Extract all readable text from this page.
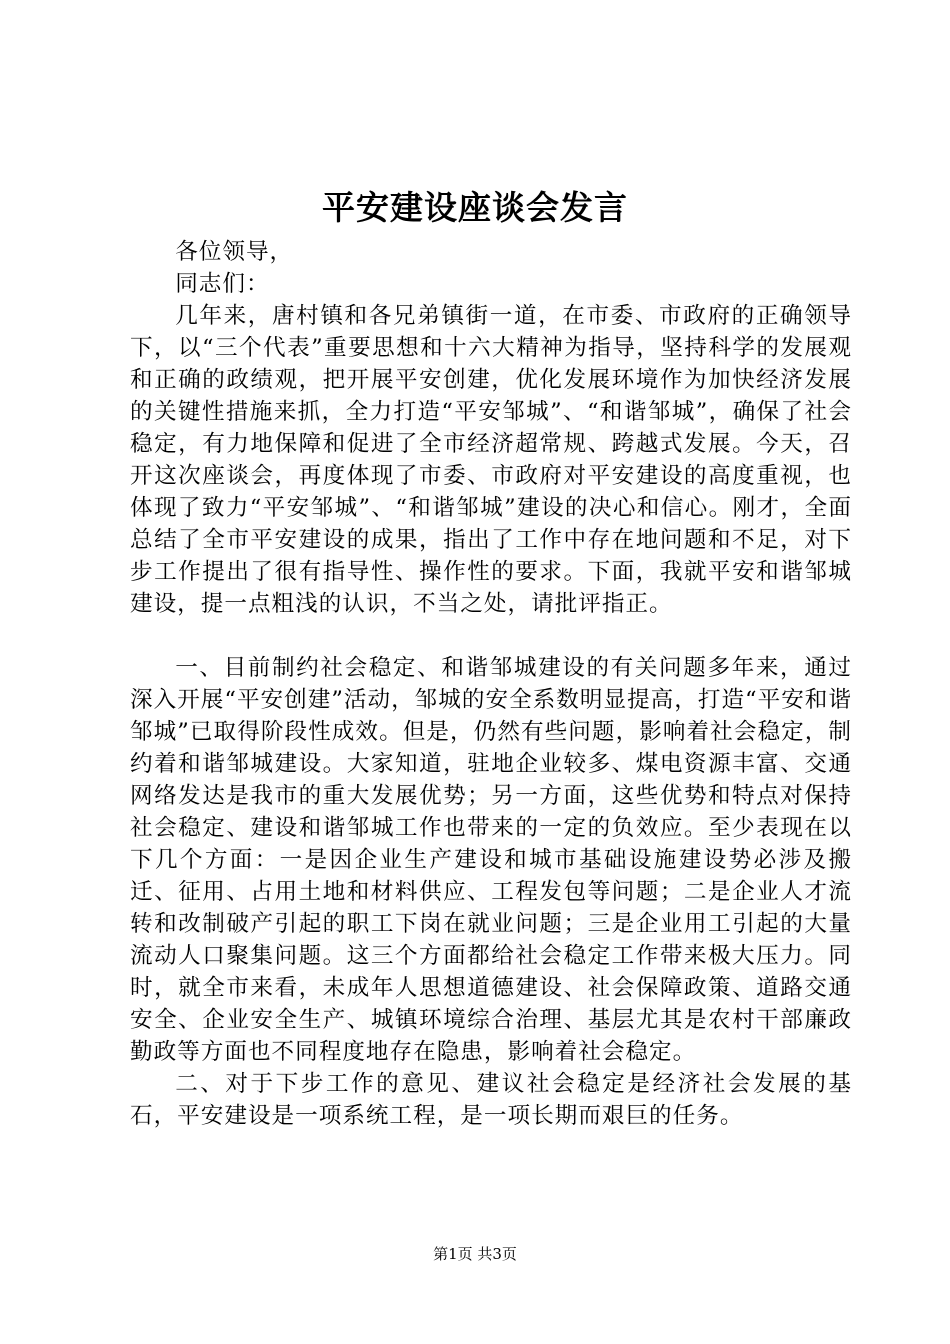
平安建设座谈会发言

各位领导，

同志们：

几年来，唐村镇和各兄弟镇街一道，在市委、市政府的正确领导下，以“三个代表”重要思想和十六大精神为指导，坚持科学的发展观和正确的政绩观，把开展平安创建，优化发展环境作为加快经济发展的关键性措施来抓，全力打造“平安邹城”、“和谐邹城”，确保了社会稳定，有力地保障和促进了全市经济超常规、跨越式发展。今天，召开这次座谈会，再度体现了市委、市政府对平安建设的高度重视，也体现了致力“平安邹城”、“和谐邹城”建设的决心和信心。刚才，全面总结了全市平安建设的成果，指出了工作中存在地问题和不足，对下步工作提出了很有指导性、操作性的要求。下面，我就平安和谐邹城建设，提一点粗浅的认识，不当之处，请批评指正。

一、目前制约社会稳定、和谐邹城建设的有关问题多年来，通过深入开展“平安创建”活动，邹城的安全系数明显提高，打造“平安和谐邹城”已取得阶段性成效。但是，仍然有些问题，影响着社会稳定，制约着和谐邹城建设。大家知道，驻地企业较多、煤电资源丰富、交通网络发达是我市的重大发展优势；另一方面，这些优势和特点对保持社会稳定、建设和谐邹城工作也带来的一定的负效应。至少表现在以下几个方面：一是因企业生产建设和城市基础设施建设势必涉及搬迁、征用、占用土地和材料供应、工程发包等问题；二是企业人才流转和改制破产引起的职工下岗在就业问题；三是企业用工引起的大量流动人口聚集问题。这三个方面都给社会稳定工作带来极大压力。同时，就全市来看，未成年人思想道德建设、社会保障政策、道路交通安全、企业安全生产、城镇环境综合治理、基层尤其是农村干部廉政勤政等方面也不同程度地存在隐患，影响着社会稳定。

二、对于下步工作的意见、建议社会稳定是经济社会发展的基石，平安建设是一项系统工程，是一项长期而艰巨的任务。

第1页 共3页
